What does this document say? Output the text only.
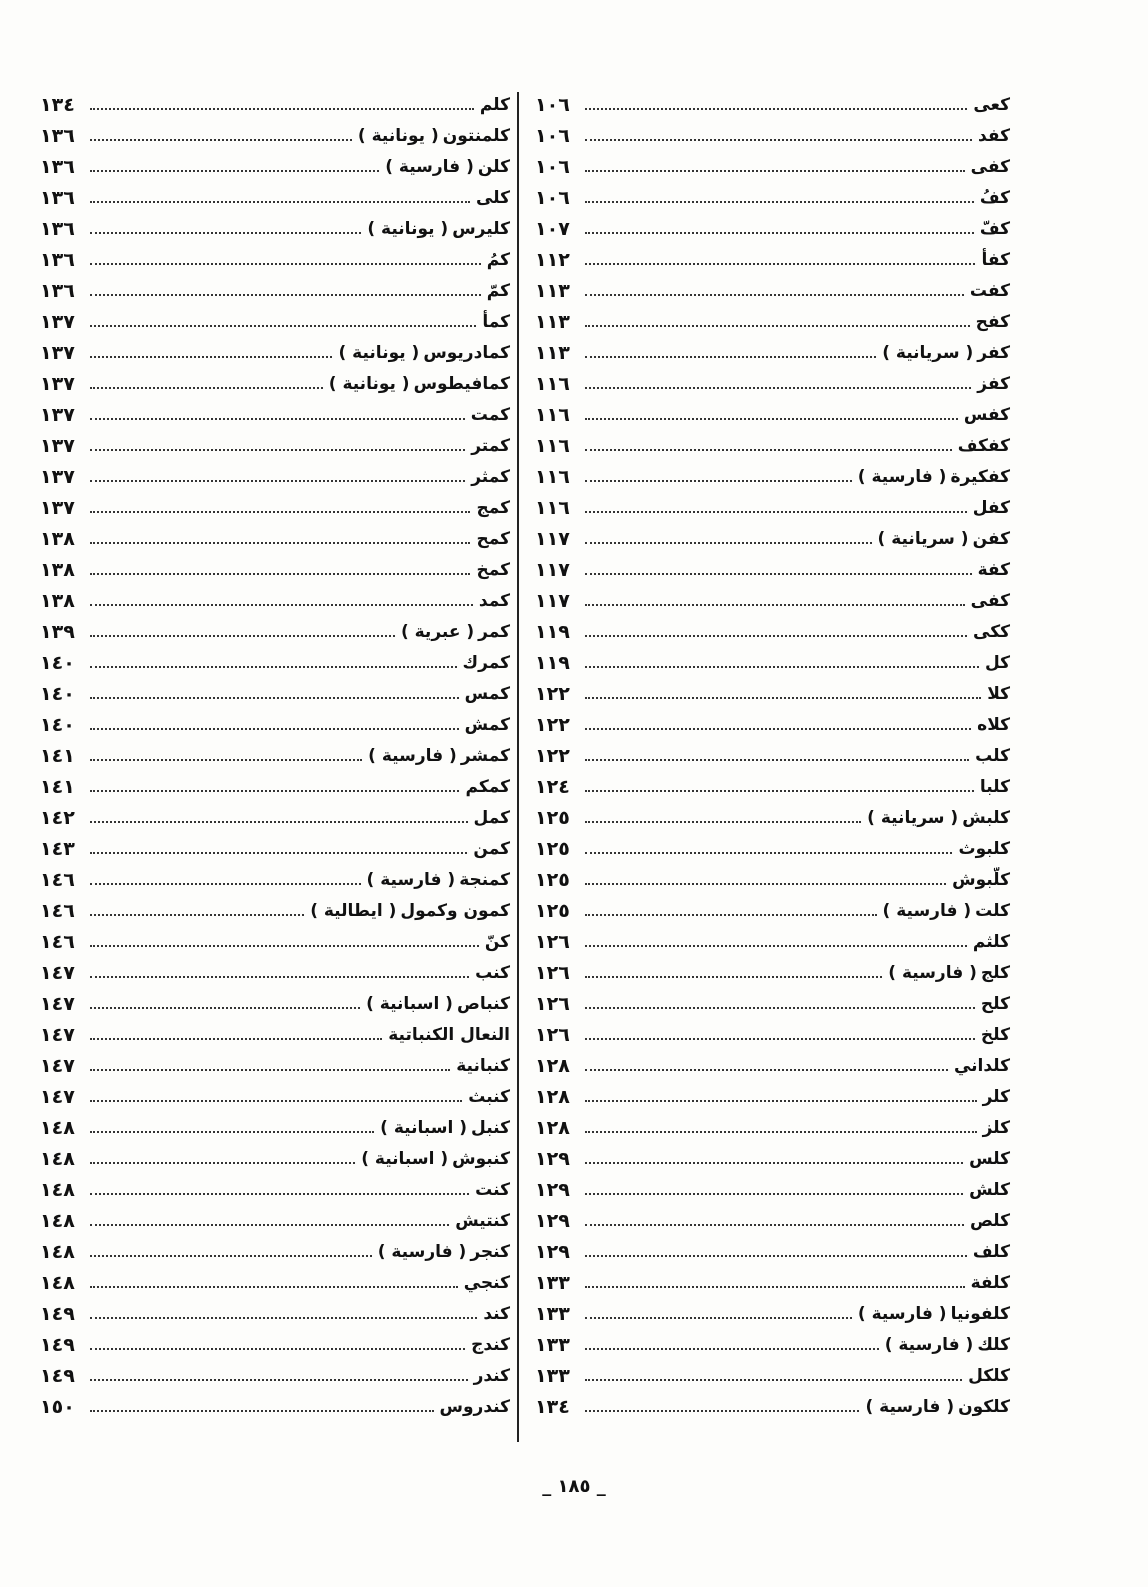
كعى
١٠٦
كفد
١٠٦
كفى
١٠٦
كفُ
١٠٦
كفّ
١٠٧
كفأ
١١٢
كفت
١١٣
كفح
١١٣
كفر
( سريانية )
١١٣
كفز
١١٦
كفس
١١٦
كفكف
١١٦
كفكيرة
( فارسية )
١١٦
كفل
١١٦
كفن
( سريانية )
١١٧
كفة
١١٧
كفى
١١٧
ككى
١١٩
كل
١١٩
كلا
١٢٢
كلاه
١٢٢
كلب
١٢٢
كلبا
١٢٤
كلبش
( سريانية )
١٢٥
كلبوث
١٢٥
كلّبوش
١٢٥
كلت
( فارسية )
١٢٥
كلثم
١٢٦
كلج
( فارسية )
١٢٦
كلح
١٢٦
كلخ
١٢٦
كلداني
١٢٨
كلر
١٢٨
كلز
١٢٨
كلس
١٢٩
كلش
١٢٩
كلص
١٢٩
كلف
١٢٩
كلفة
١٣٣
كلفونيا
( فارسية )
١٣٣
كلك
( فارسية )
١٣٣
كلكل
١٣٣
كلكون
( فارسية )
١٣٤
كلم
١٣٤
كلمنتون
( يونانية )
١٣٦
كلن
( فارسية )
١٣٦
كلى
١٣٦
كليرس
( يونانية )
١٣٦
كمُ
١٣٦
كمّ
١٣٦
كمأ
١٣٧
كمادريوس
( يونانية )
١٣٧
كمافيطوس
( يونانية )
١٣٧
كمت
١٣٧
كمتر
١٣٧
كمثر
١٣٧
كمج
١٣٧
كمح
١٣٨
كمخ
١٣٨
كمد
١٣٨
كمر
( عبرية )
١٣٩
كمرك
١٤٠
كمس
١٤٠
كمش
١٤٠
كمشر
( فارسية )
١٤١
كمكم
١٤١
كمل
١٤٢
كمن
١٤٣
كمنجة
( فارسية )
١٤٦
كمون وكمول
( ايطالية )
١٤٦
كنّ
١٤٦
كنب
١٤٧
كنباص
( اسبانية )
١٤٧
النعال الكنباتية
١٤٧
كنبانية
١٤٧
كنبث
١٤٧
كنبل
( اسبانية )
١٤٨
كنبوش
( اسبانية )
١٤٨
كنت
١٤٨
كنتيش
١٤٨
كنجر
( فارسية )
١٤٨
كنجي
١٤٨
كند
١٤٩
كندج
١٤٩
كندر
١٤٩
كندروس
١٥٠
_ ١٨٥ _
